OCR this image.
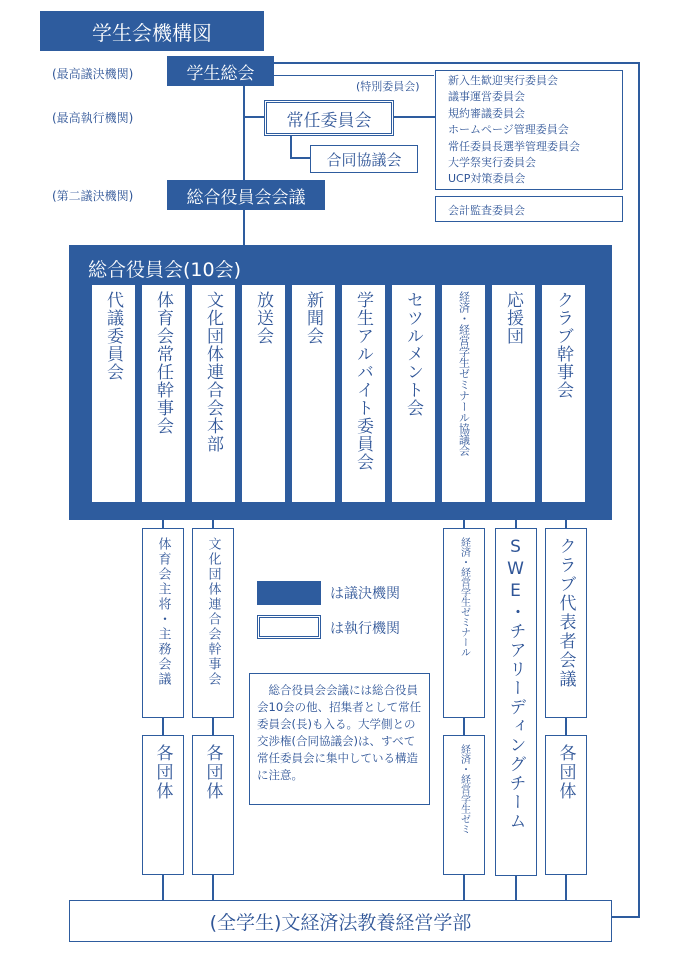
学生会機構図
(最高議決機関)	学生総会
(最高執行機関)	常任委員会
合同協議会
(第二議決機関)	総合役員会会議
(特別委員会)	新入生歓迎実行委員会
議事運営委員会
規約審議委員会
ホームページ管理委員会
常任委員長選挙管理委員会
大学祭実行委員会
UCP対策委員会
会計監査委員会
総合役員会(10会)
代議委員会 体育会常任幹事会 文化団体連合会本部 放送会 新聞会 学生アルバイト委員会 セツルメント会	経済・経営学生ゼミナール協議会 応援団 クラブ幹事会
体育会主将・主務会議	文化団体連合会幹事会	経済・経営学生ゼミナール SWE・チアリーディングチーム クラブ代表者会議
各団体 各団体	経済・経営学生ゼミ	各団体
は議決機関
は執行機関
総合役員会会議には総合役員会10会の他、招集者として常任委員会(長)も入る。大学側との交渉権(合同協議会)は、すべて常任委員会に集中している構造に注意。
(全学生)文経済法教養経営学部
